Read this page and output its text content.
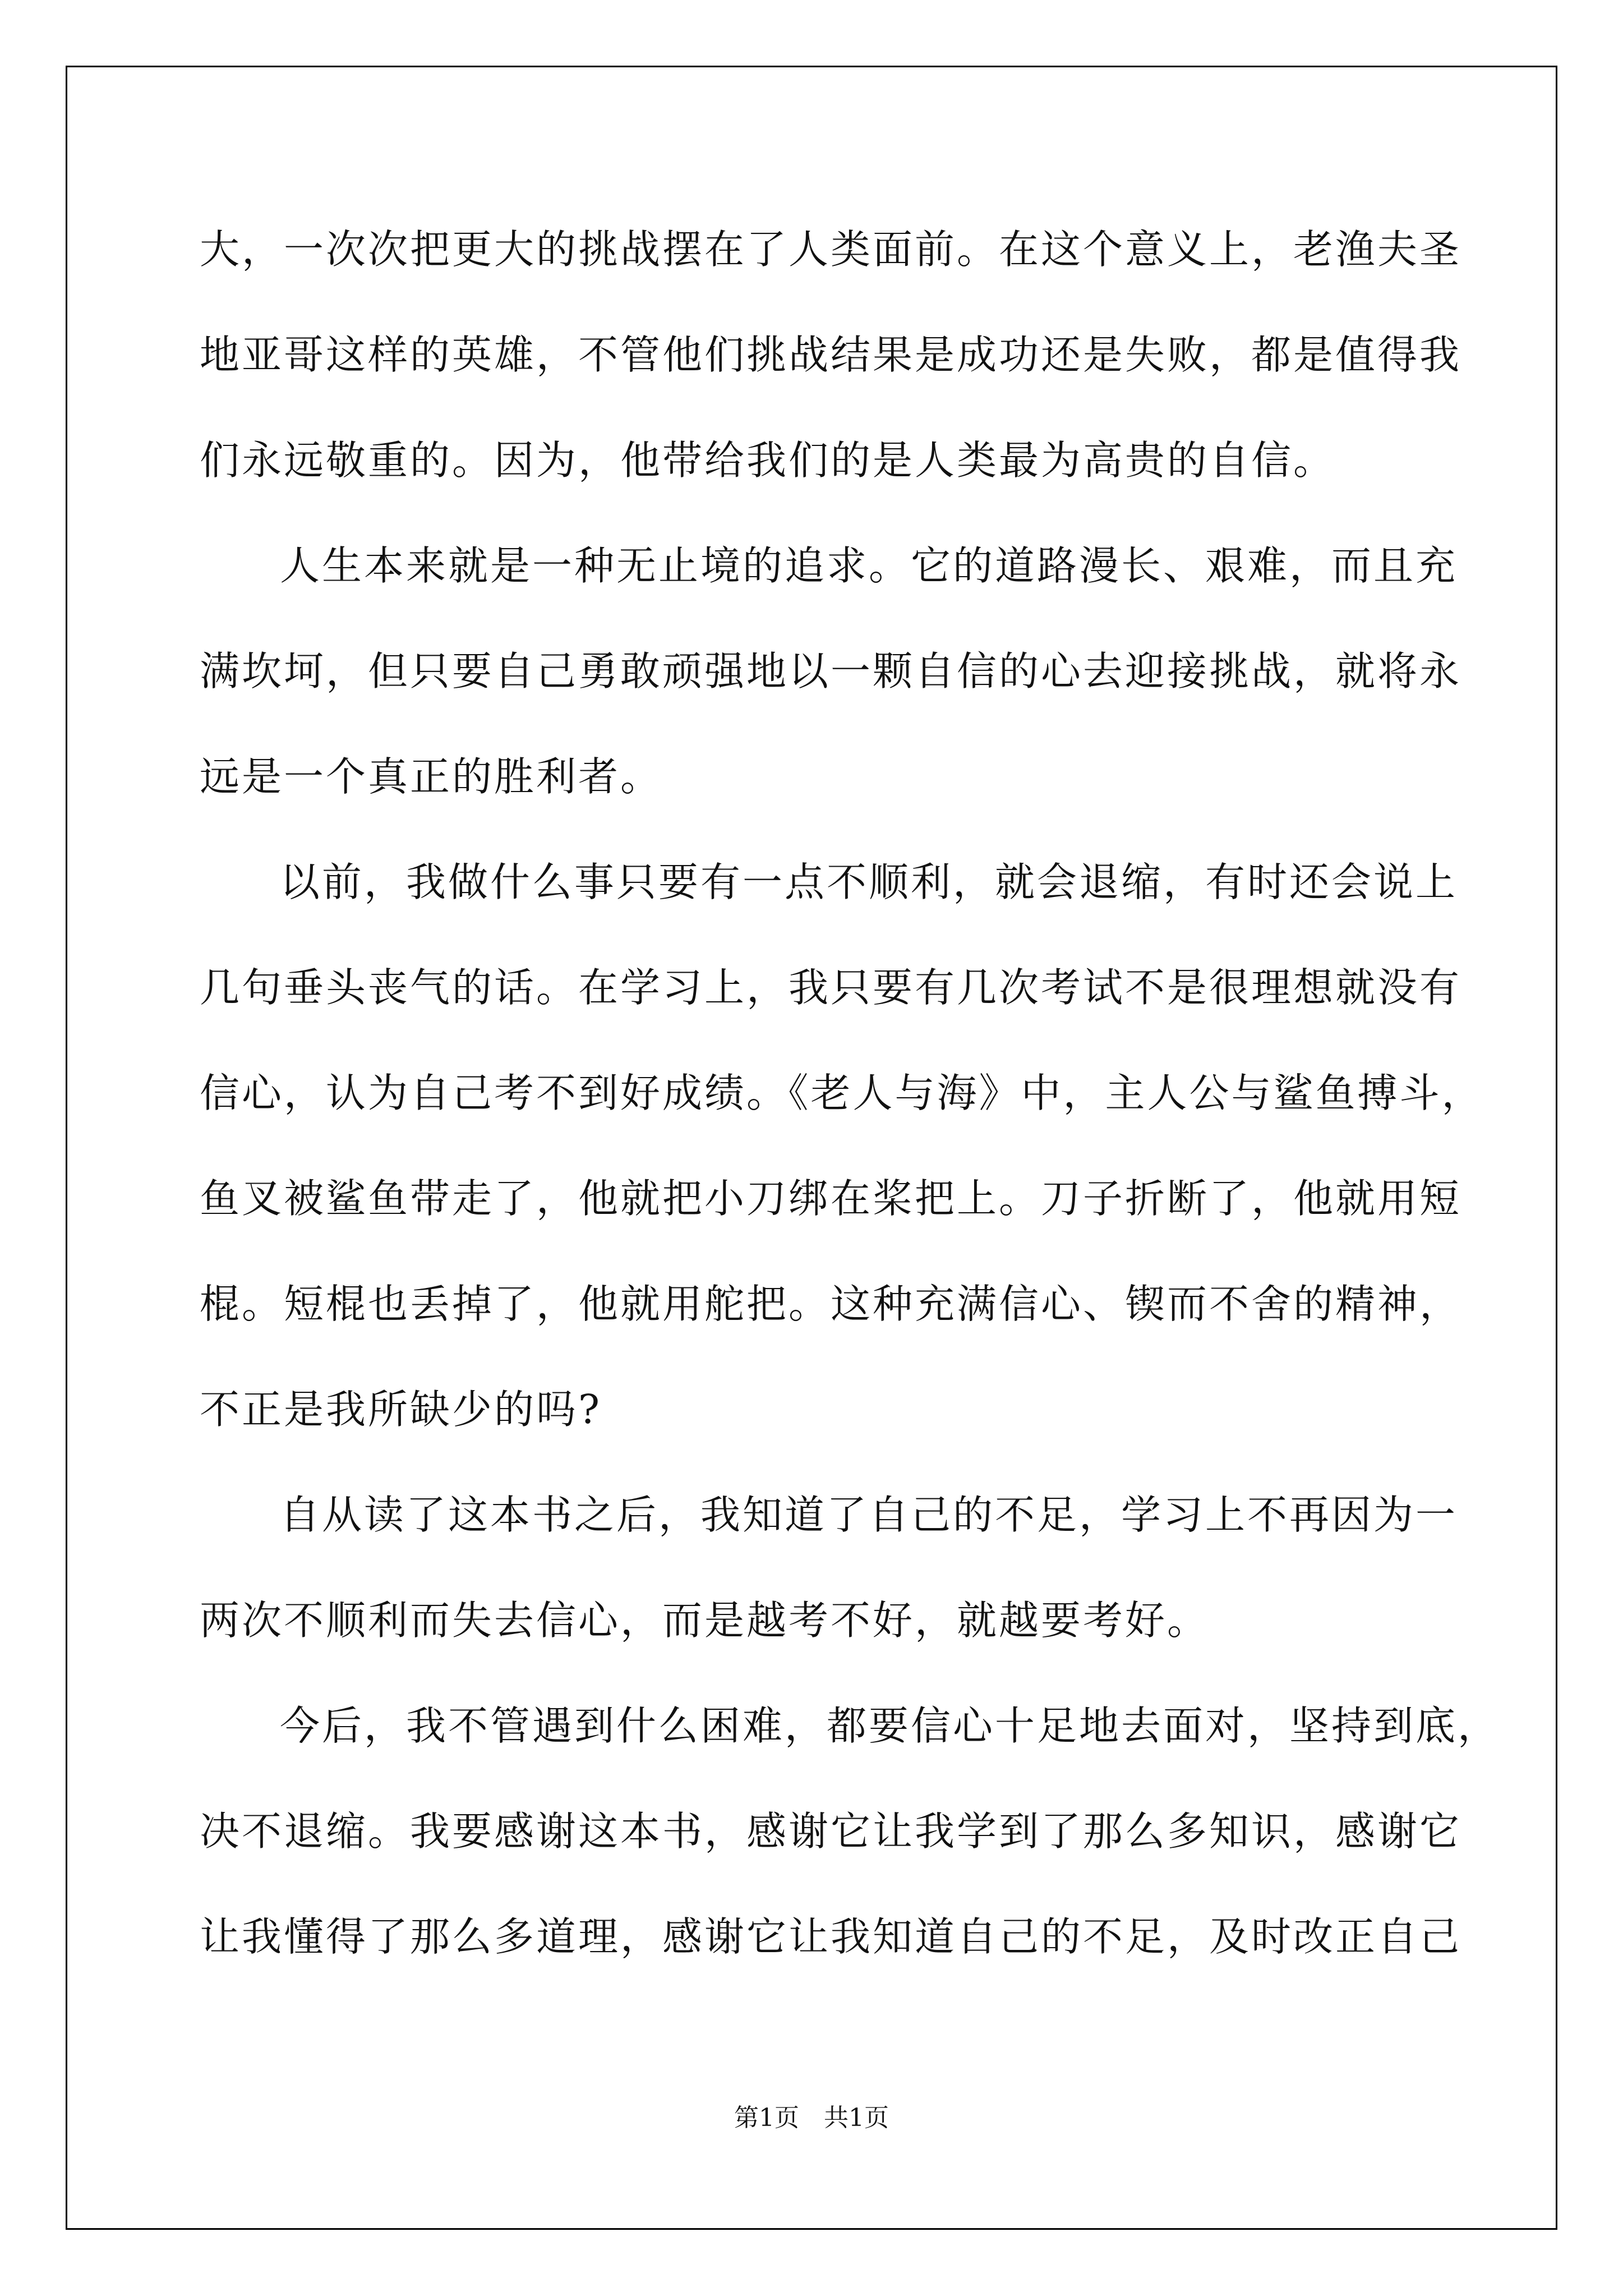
大，一次次把更大的挑战摆在了人类面前。在这个意义上，老渔夫圣
地亚哥这样的英雄，不管他们挑战结果是成功还是失败，都是值得我
们永远敬重的。因为，他带给我们的是人类最为高贵的自信。
人生本来就是一种无止境的追求。它的道路漫长、艰难，而且充
满坎坷，但只要自己勇敢顽强地以一颗自信的心去迎接挑战，就将永
远是一个真正的胜利者。
以前，我做什么事只要有一点不顺利，就会退缩，有时还会说上
几句垂头丧气的话。在学习上，我只要有几次考试不是很理想就没有
信心，认为自己考不到好成绩。《老人与海》中，主人公与鲨鱼搏斗，
鱼叉被鲨鱼带走了，他就把小刀绑在桨把上。刀子折断了，他就用短
棍。短棍也丢掉了，他就用舵把。这种充满信心、锲而不舍的精神，
不正是我所缺少的吗?
自从读了这本书之后，我知道了自己的不足，学习上不再因为一
两次不顺利而失去信心，而是越考不好，就越要考好。
今后，我不管遇到什么困难，都要信心十足地去面对，坚持到底，
决不退缩。我要感谢这本书，感谢它让我学到了那么多知识，感谢它
让我懂得了那么多道理，感谢它让我知道自己的不足，及时改正自己
第1页　共1页
